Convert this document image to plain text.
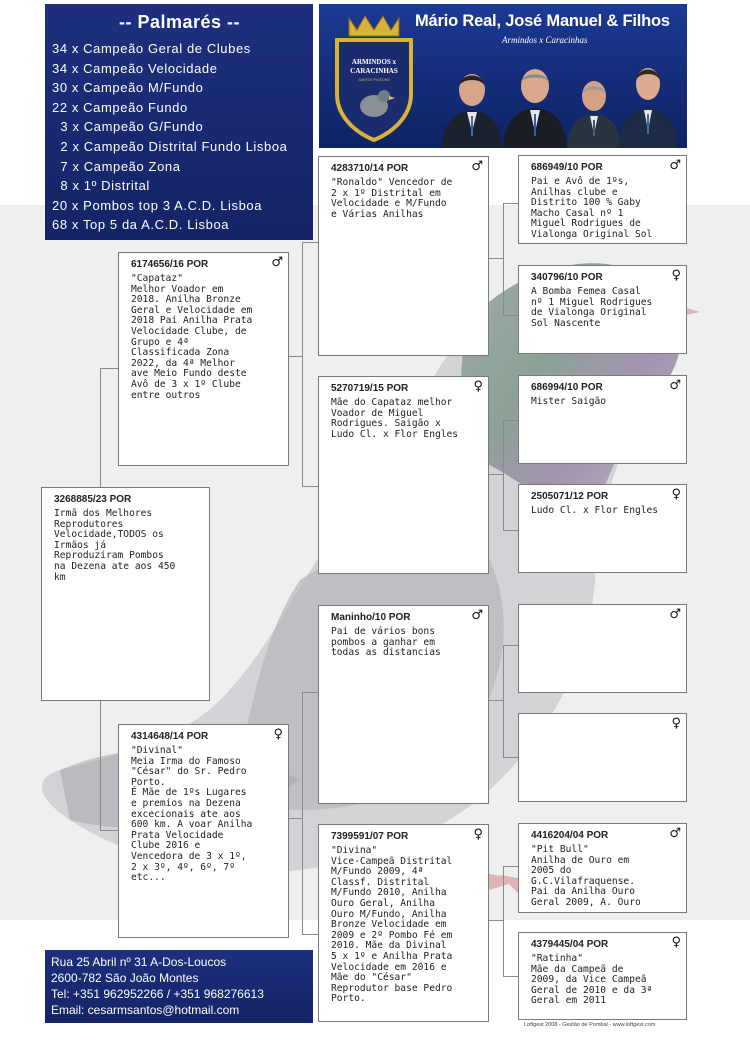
-- Palmarés --
34 x Campeão Geral de Clubes
34 x Campeão Velocidade
30 x Campeão M/Fundo
22 x Campeão Fundo
3 x Campeão G/Fundo
2 x Campeão Distrital Fundo Lisboa
7 x Campeão Zona
8 x 1º Distrital
20 x Pombos top 3 A.C.D. Lisboa
68 x Top 5 da A.C.D. Lisboa
ARMINDOS x
CARACINHAS
SANTOS PIGEONS
Mário Real, José Manuel & Filhos
Armindos x Caracinhas
3268885/23 POR
Irmã dos Melhores
Reprodutores
Velocidade,TODOS os
Irmãos já
Reproduziram Pombos
na Dezena ate aos 450
km
6174656/16 POR	♂
"Capataz"
Melhor Voador em
2018. Anilha Bronze
Geral e Velocidade em
2018 Pai Anilha Prata
Velocidade Clube, de
Grupo e 4ª
Classificada Zona
2022, da 4ª Melhor
ave Meio Fundo deste
Avô de 3 x 1º Clube
entre outros
4314648/14 POR	♀
"Divinal"
Meia Irma do Famoso
"César" do Sr. Pedro
Porto.
É Mãe de 1ºs Lugares
e premios na Dezena
excecionais ate aos
600 km. A voar Anilha
Prata Velocidade
Clube 2016 e
Vencedora de 3 x 1º,
2 x 3º, 4º, 6º, 7º
etc...
4283710/14 POR	♂
"Ronaldo" Vencedor de
2 x 1º Distrital em
Velocidade e M/Fundo
e Várias Anilhas
5270719/15 POR	♀
Mãe do Capataz melhor
Voador de Miguel
Rodrigues. Saigão x
Ludo Cl. x Flor Engles
Maninho/10 POR	♂
Pai de vários bons
pombos a ganhar em
todas as distancias
7399591/07 POR	♀
"Divina"
Vice-Campeã Distrital
M/Fundo 2009, 4ª
Classf. Distrital
M/Fundo 2010, Anilha
Ouro Geral, Anilha
Ouro M/Fundo, Anilha
Bronze Velocidade em
2009 e 2º Pombo Fé em
2010. Mãe da Divinal
5 x 1º e Anilha Prata
Velocidade em 2016 e
Mãe do "César"
Reprodutor base Pedro
Porto.
686949/10 POR	♂
Pai e Avô de 1ºs,
Anilhas clube e
Distrito 100 % Gaby
Macho Casal nº 1
Miguel Rodrigues de
Vialonga Original Sol
340796/10 POR	♀
A Bomba Femea Casal
nº 1 Miguel Rodrigues
de Vialonga Original
Sol Nascente
686994/10 POR	♂
Mister Saigão
2505071/12 POR	♀
Ludo Cl. x Flor Engles
♂
♀
4416204/04 POR	♂
"Pit Bull"
Anilha de Ouro em
2005 do
G.C.Vilafraquense.
Pai da Anilha Ouro
Geral 2009, A. Ouro
4379445/04 POR	♀
"Ratinha"
Mãe da Campeã de
2009, da Vice Campeã
Geral de 2010 e da 3ª
Geral em 2011
Rua 25 Abril nº 31 A-Dos-Loucos
2600-782 São João Montes
Tel: +351 962952266 / +351 968276613
Email: cesarmsantos@hotmail.com
Loftgest 2008 - Gestão de Pombal - www.loftgest.com
